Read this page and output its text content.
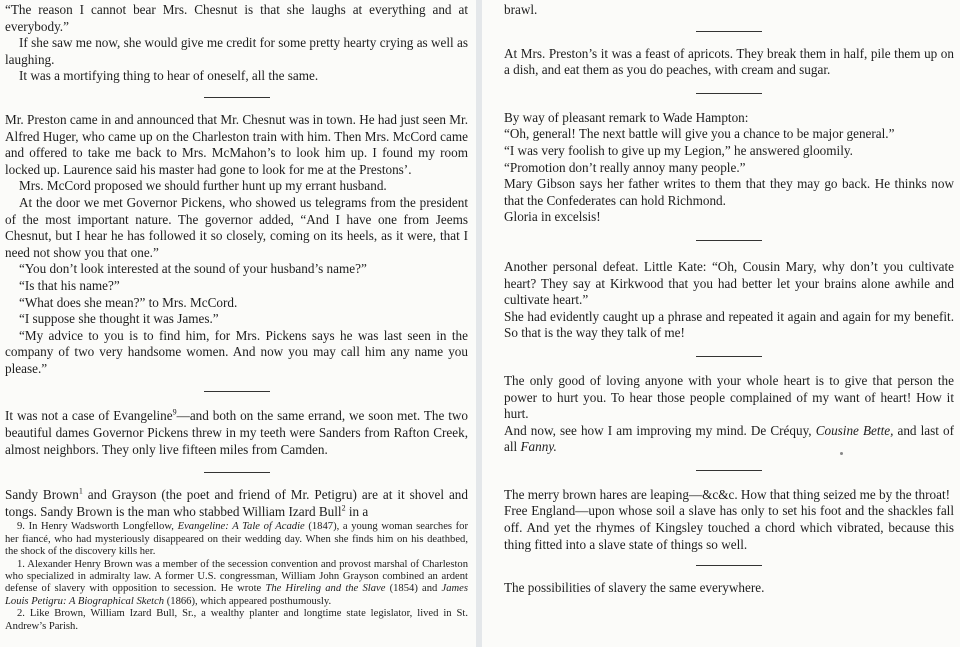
“The reason I cannot bear Mrs. Chesnut is that she laughs at everything and at everybody.”

If she saw me now, she would give me credit for some pretty hearty crying as well as laughing.

It was a mortifying thing to hear of oneself, all the same.

Mr. Preston came in and announced that Mr. Chesnut was in town. He had just seen Mr. Alfred Huger, who came up on the Charleston train with him. Then Mrs. McCord came and offered to take me back to Mrs. McMahon’s to look him up. I found my room locked up. Laurence said his master had gone to look for me at the Prestons’.

Mrs. McCord proposed we should further hunt up my errant husband.

At the door we met Governor Pickens, who showed us telegrams from the president of the most important nature. The governor added, “And I have one from Jeems Chesnut, but I hear he has followed it so closely, coming on its heels, as it were, that I need not show you that one.”

“You don’t look interested at the sound of your husband’s name?”

“Is that his name?”

“What does she mean?” to Mrs. McCord.

“I suppose she thought it was James.”

“My advice to you is to find him, for Mrs. Pickens says he was last seen in the company of two very handsome women. And now you may call him any name you please.”

It was not a case of Evangeline$^9$—and both on the same errand, we soon met. The two beautiful dames Governor Pickens threw in my teeth were Sanders from Rafton Creek, almost neighbors. They only live fifteen miles from Camden.

Sandy Brown$^1$ and Grayson (the poet and friend of Mr. Petigru) are at it shovel and tongs. Sandy Brown is the man who stabbed William Izard Bull$^2$ in a

9. In Henry Wadsworth Longfellow, Evangeline: A Tale of Acadie (1847), a young woman searches for her fiancé, who had mysteriously disappeared on their wedding day. When she finds him on his deathbed, the shock of the discovery kills her.

1. Alexander Henry Brown was a member of the secession convention and provost marshal of Charleston who specialized in admiralty law. A former U.S. congressman, William John Grayson combined an ardent defense of slavery with opposition to secession. He wrote The Hireling and the Slave (1854) and James Louis Petigru: A Biographical Sketch (1866), which appeared posthumously.

2. Like Brown, William Izard Bull, Sr., a wealthy planter and longtime state legislator, lived in St. Andrew’s Parish.

brawl.

At Mrs. Preston’s it was a feast of apricots. They break them in half, pile them up on a dish, and eat them as you do peaches, with cream and sugar.

By way of pleasant remark to Wade Hampton:

“Oh, general! The next battle will give you a chance to be major general.”

“I was very foolish to give up my Legion,” he answered gloomily.

“Promotion don’t really annoy many people.”

Mary Gibson says her father writes to them that they may go back. He thinks now that the Confederates can hold Richmond.

Gloria in excelsis!

Another personal defeat. Little Kate: “Oh, Cousin Mary, why don’t you cultivate heart? They say at Kirkwood that you had better let your brains alone awhile and cultivate heart.”

She had evidently caught up a phrase and repeated it again and again for my benefit. So that is the way they talk of me!

The only good of loving anyone with your whole heart is to give that person the power to hurt you. To hear those people complained of my want of heart! How it hurt.

And now, see how I am improving my mind. De Créquy, Cousine Bette, and last of all Fanny.

The merry brown hares are leaping—&c&c. How that thing seized me by the throat!

Free England—upon whose soil a slave has only to set his foot and the shackles fall off. And yet the rhymes of Kingsley touched a chord which vibrated, because this thing fitted into a slave state of things so well.

The possibilities of slavery the same everywhere.
